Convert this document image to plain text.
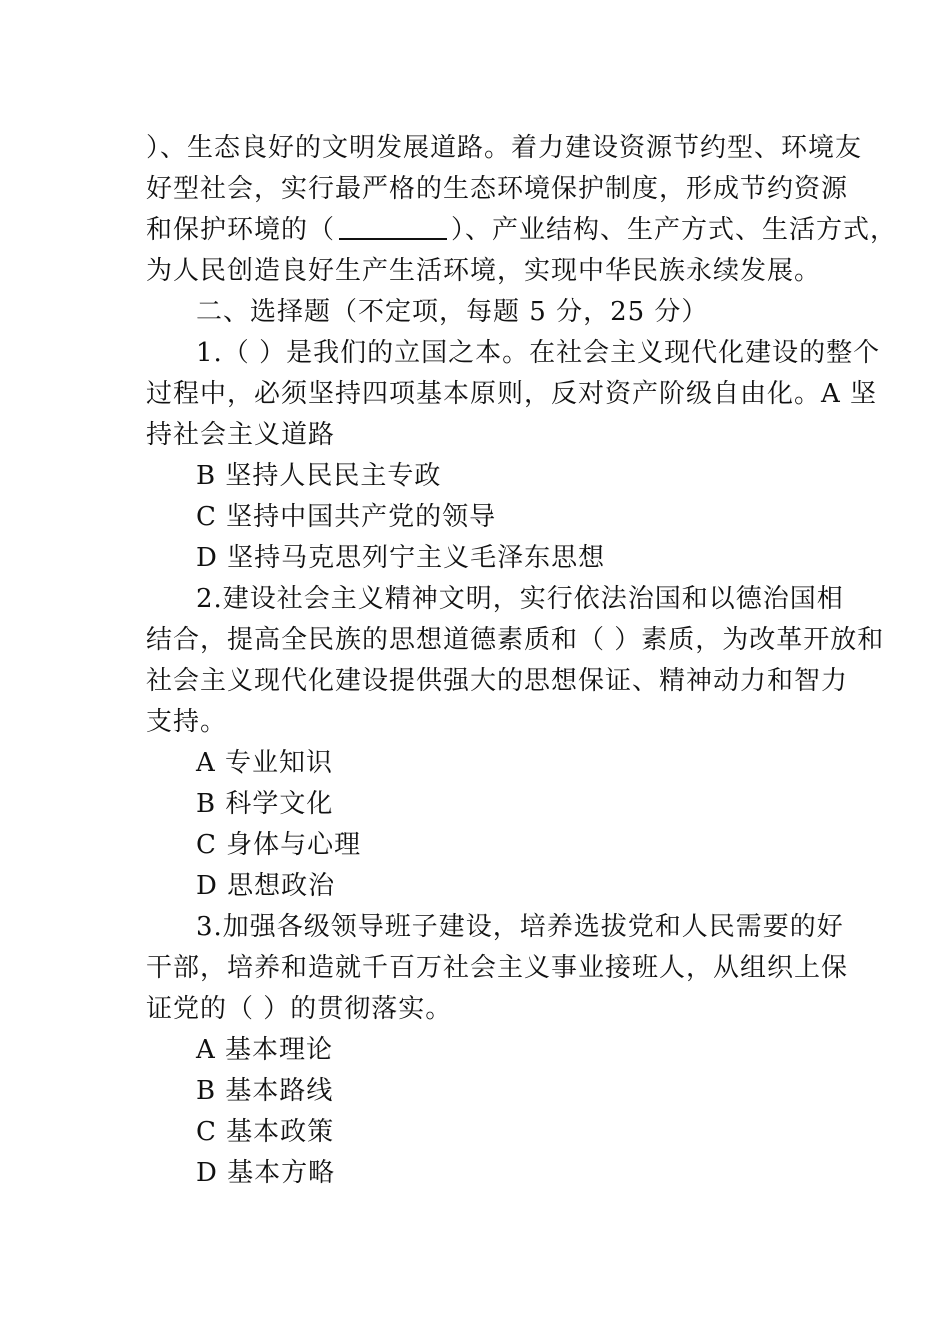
）、生态良好的文明发展道路。着力建设资源节约型、环境友
好型社会，实行最严格的生态环境保护制度，形成节约资源
和保护环境的（	）、产业结构、生产方式、生活方式，
为人民创造良好生产生活环境，实现中华民族永续发展。
二、选择题（不定项，每题 5 分，25 分）
1.（ ）是我们的立国之本。在社会主义现代化建设的整个
过程中，必须坚持四项基本原则，反对资产阶级自由化。A 坚
持社会主义道路
B 坚持人民民主专政
C 坚持中国共产党的领导
D 坚持马克思列宁主义毛泽东思想
2.建设社会主义精神文明，实行依法治国和以德治国相
结合，提高全民族的思想道德素质和（ ）素质，为改革开放和
社会主义现代化建设提供强大的思想保证、精神动力和智力
支持。
A 专业知识
B 科学文化
C 身体与心理
D 思想政治
3.加强各级领导班子建设，培养选拔党和人民需要的好
干部，培养和造就千百万社会主义事业接班人，从组织上保
证党的（ ）的贯彻落实。
A 基本理论
B 基本路线
C 基本政策
D 基本方略
